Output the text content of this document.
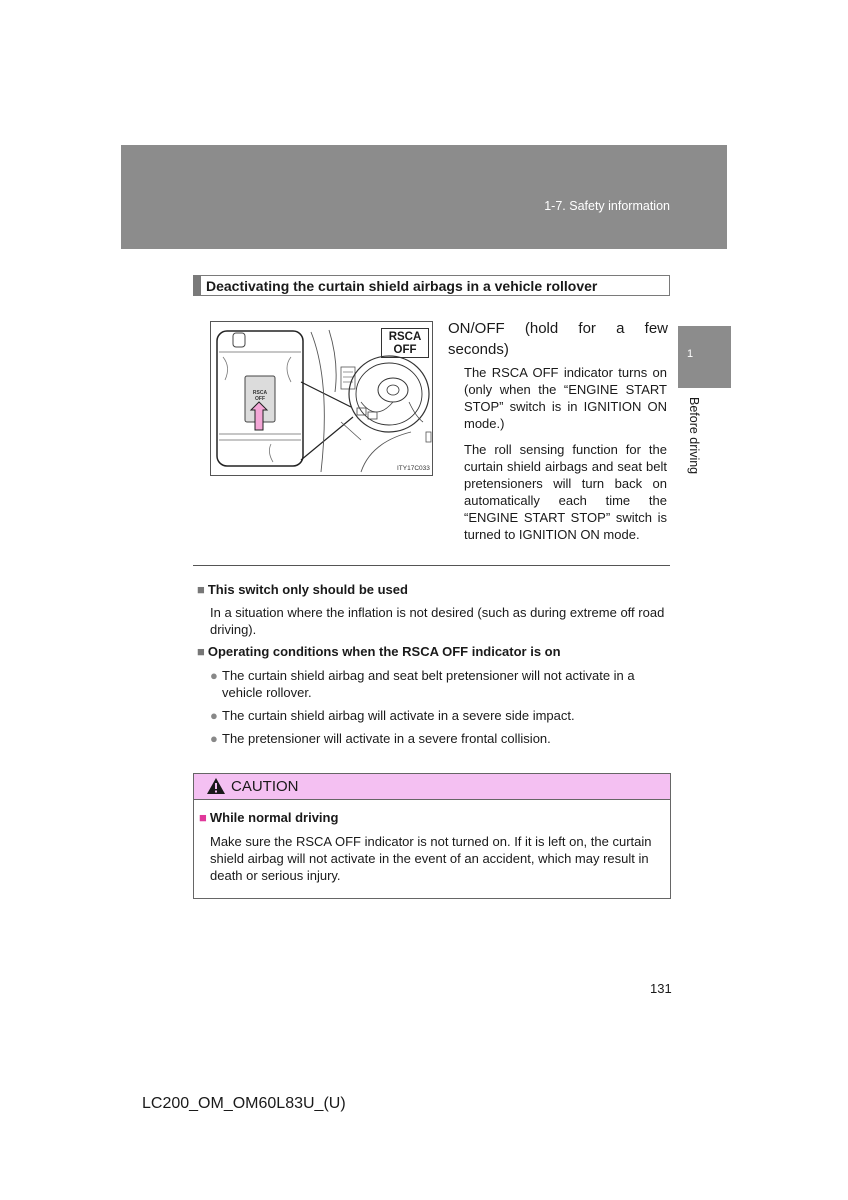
1-7. Safety information
1
Before driving
Deactivating the curtain shield airbags in a vehicle rollover
RSCA
OFF
RSCA
OFF
ITY17C033
ON/OFF (hold for a few seconds)
The RSCA OFF indicator turns on (only when the “ENGINE START STOP” switch is in IGNITION ON mode.)
The roll sensing function for the curtain shield airbags and seat belt pretensioners will turn back on automatically each time the “ENGINE START STOP” switch is turned to IGNITION ON mode.
■ This switch only should be used
In a situation where the inflation is not desired (such as during extreme off road driving).
■ Operating conditions when the RSCA OFF indicator is on
● The curtain shield airbag and seat belt pretensioner will not activate in a vehicle rollover.
● The curtain shield airbag will activate in a severe side impact.
● The pretensioner will activate in a severe frontal collision.
CAUTION
■ While normal driving
Make sure the RSCA OFF indicator is not turned on. If it is left on, the curtain shield airbag will not activate in the event of an accident, which may result in death or serious injury.
131
LC200_OM_OM60L83U_(U)
